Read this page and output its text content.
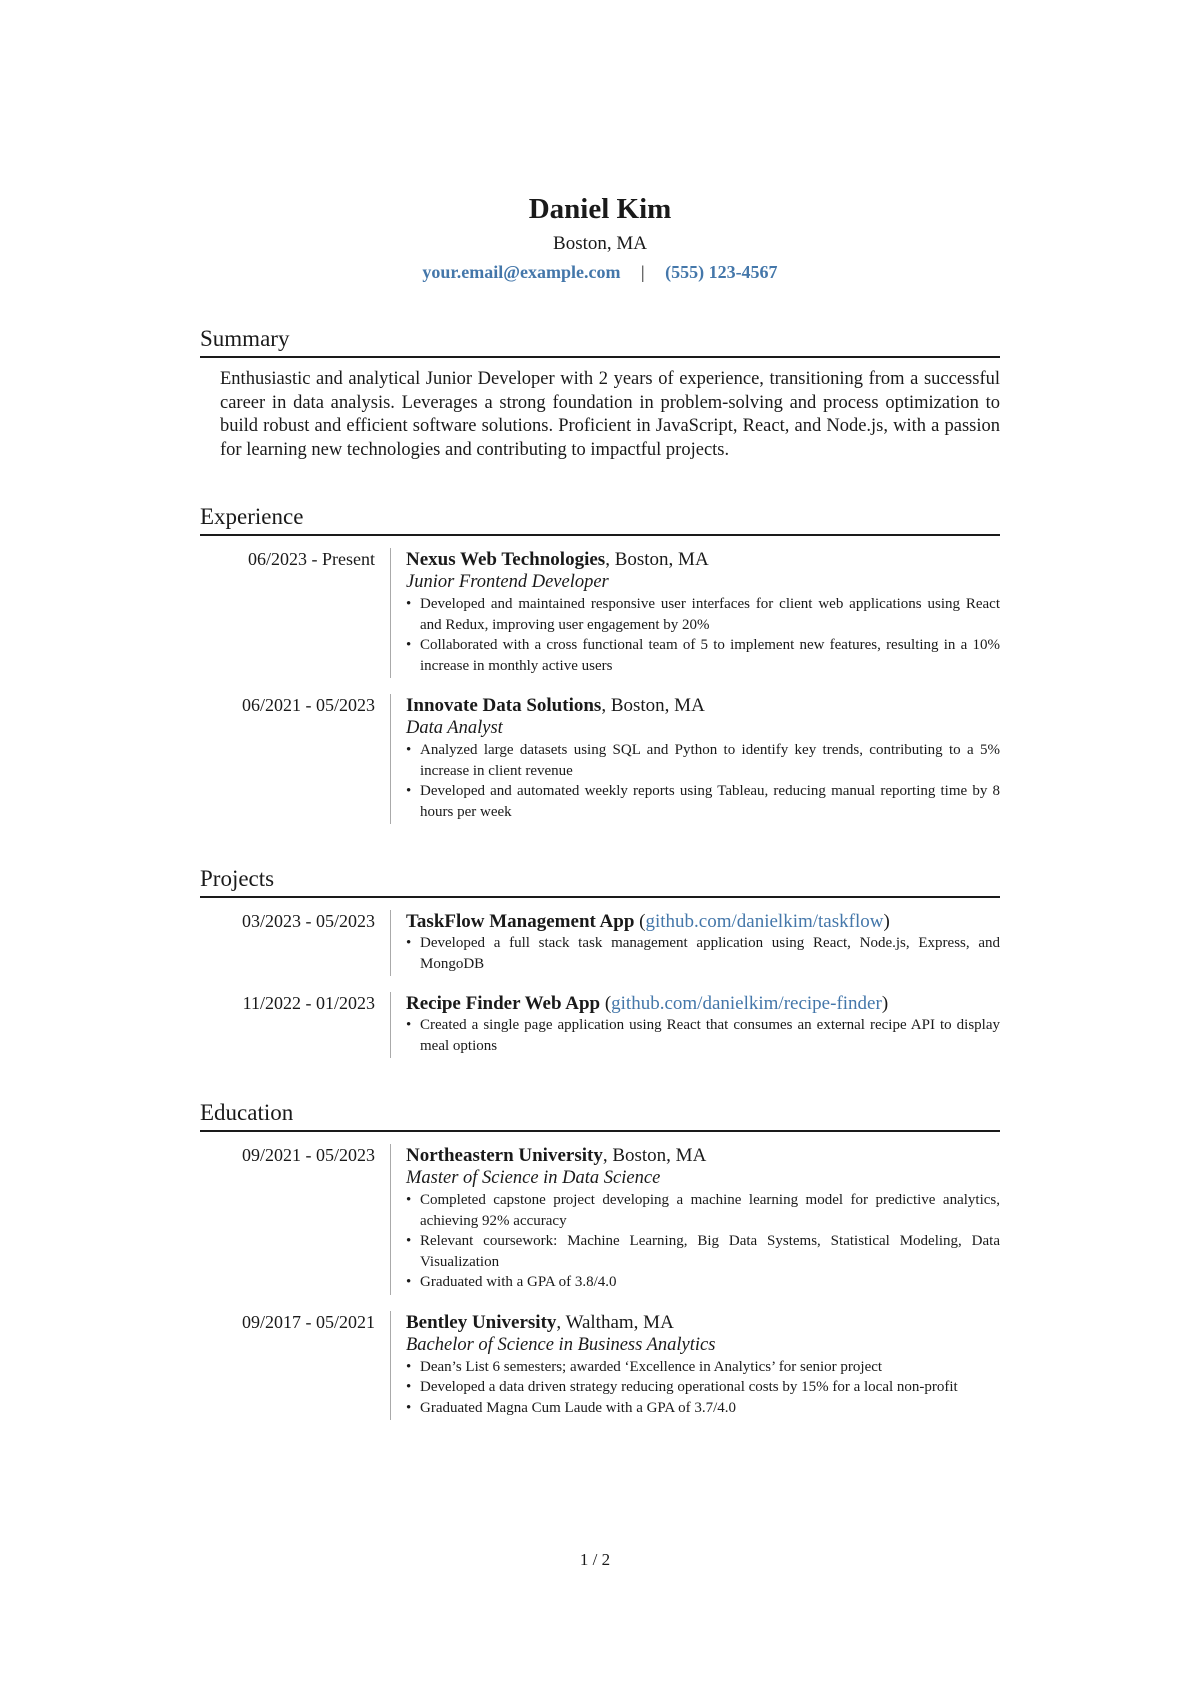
Daniel Kim
Boston, MA
your.email@example.com | (555) 123-4567
Summary
Enthusiastic and analytical Junior Developer with 2 years of experience, transitioning from a successful career in data analysis. Leverages a strong foundation in problem-solving and process optimization to build robust and efficient software solutions. Proficient in JavaScript, React, and Node.js, with a passion for learning new technologies and contributing to impactful projects.
Experience
06/2023 - Present	Nexus Web Technologies, Boston, MA
Junior Frontend Developer
• Developed and maintained responsive user interfaces for client web applications using React and Redux, improving user engagement by 20%
• Collaborated with a cross functional team of 5 to implement new features, resulting in a 10% increase in monthly active users
06/2021 - 05/2023	Innovate Data Solutions, Boston, MA
Data Analyst
• Analyzed large datasets using SQL and Python to identify key trends, contributing to a 5% increase in client revenue
• Developed and automated weekly reports using Tableau, reducing manual reporting time by 8 hours per week
Projects
03/2023 - 05/2023	TaskFlow Management App (github.com/danielkim/taskflow)
• Developed a full stack task management application using React, Node.js, Express, and MongoDB
11/2022 - 01/2023	Recipe Finder Web App (github.com/danielkim/recipe-finder)
• Created a single page application using React that consumes an external recipe API to display meal options
Education
09/2021 - 05/2023	Northeastern University, Boston, MA
Master of Science in Data Science
• Completed capstone project developing a machine learning model for predictive analytics, achieving 92% accuracy
• Relevant coursework: Machine Learning, Big Data Systems, Statistical Modeling, Data Visualization
• Graduated with a GPA of 3.8/4.0
09/2017 - 05/2021	Bentley University, Waltham, MA
Bachelor of Science in Business Analytics
• Dean’s List 6 semesters; awarded ‘Excellence in Analytics’ for senior project
• Developed a data driven strategy reducing operational costs by 15% for a local non-profit
• Graduated Magna Cum Laude with a GPA of 3.7/4.0
1 / 2
